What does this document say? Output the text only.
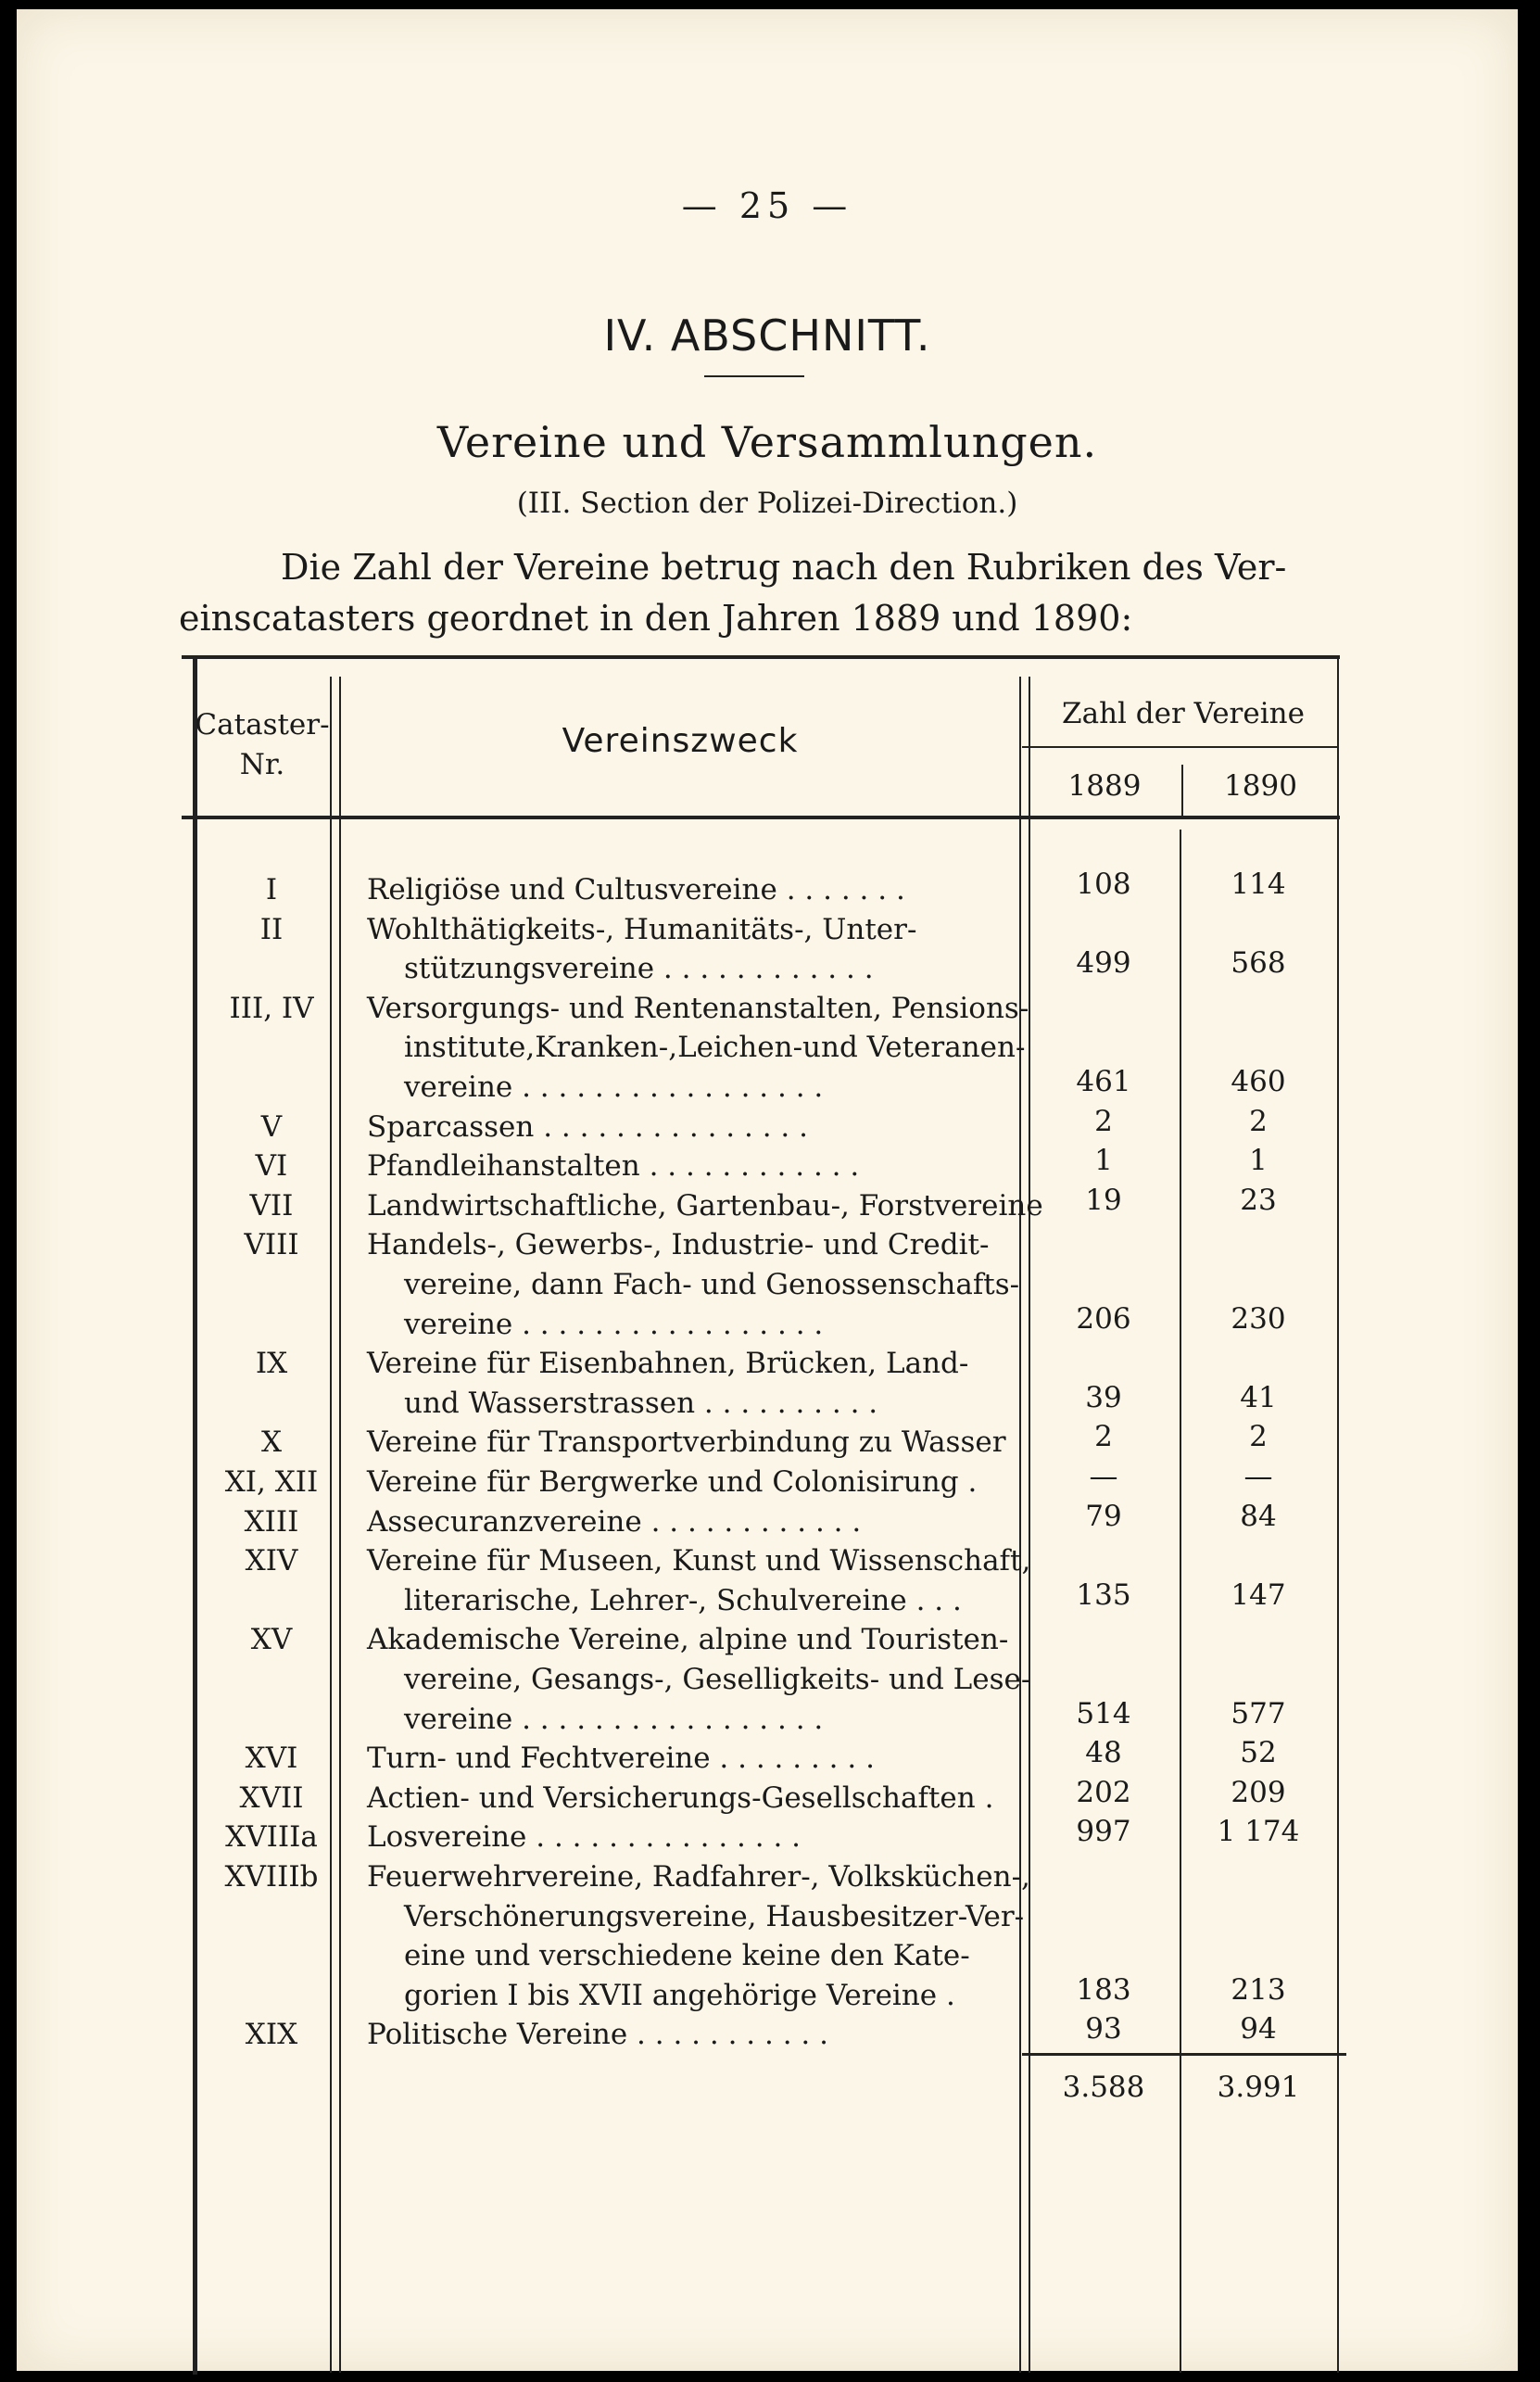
— 25 —
IV. ABSCHNITT.
Vereine und Versammlungen.
(III. Section der Polizei-Direction.)
Die Zahl der Vereine betrug nach den Rubriken des Ver-
einscatasters geordnet in den Jahren 1889 und 1890:
Cataster-
Nr.
Vereinszweck
Zahl der Vereine
1889	1890
I	Religiöse und Cultusvereine . . . . . . .	108	114
II	Wohlthätigkeits-, Humanitäts-, Unter-
stützungsvereine . . . . . . . . . . . .	499	568
III, IV	Versorgungs- und Rentenanstalten, Pensions-
institute,Kranken-,Leichen-und Veteranen-
vereine . . . . . . . . . . . . . . . . .	461	460
V	Sparcassen . . . . . . . . . . . . . . .	2	2
VI	Pfandleihanstalten . . . . . . . . . . . .	1	1
VII	Landwirtschaftliche, Gartenbau-, Forstvereine	19	23
VIII	Handels-, Gewerbs-, Industrie- und Credit-
vereine, dann Fach- und Genossenschafts-
vereine . . . . . . . . . . . . . . . . .	206	230
IX	Vereine für Eisenbahnen, Brücken, Land-
und Wasserstrassen . . . . . . . . . .	39	41
X	Vereine für Transportverbindung zu Wasser	2	2
XI, XII	Vereine für Bergwerke und Colonisirung .	—	—
XIII	Assecuranzvereine . . . . . . . . . . . .	79	84
XIV	Vereine für Museen, Kunst und Wissenschaft,
literarische, Lehrer-, Schulvereine . . .	135	147
XV	Akademische Vereine, alpine und Touristen-
vereine, Gesangs-, Geselligkeits- und Lese-
vereine . . . . . . . . . . . . . . . . .	514	577
XVI	Turn- und Fechtvereine . . . . . . . . .	48	52
XVII	Actien- und Versicherungs-Gesellschaften .	202	209
XVIIIa	Losvereine . . . . . . . . . . . . . . .	997	1 174
XVIIIb	Feuerwehrvereine, Radfahrer-, Volksküchen-,
Verschönerungsvereine, Hausbesitzer-Ver-
eine und verschiedene keine den Kate-
gorien I bis XVII angehörige Vereine .	183	213
XIX	Politische Vereine . . . . . . . . . . .	93	94
3.588	3.991
